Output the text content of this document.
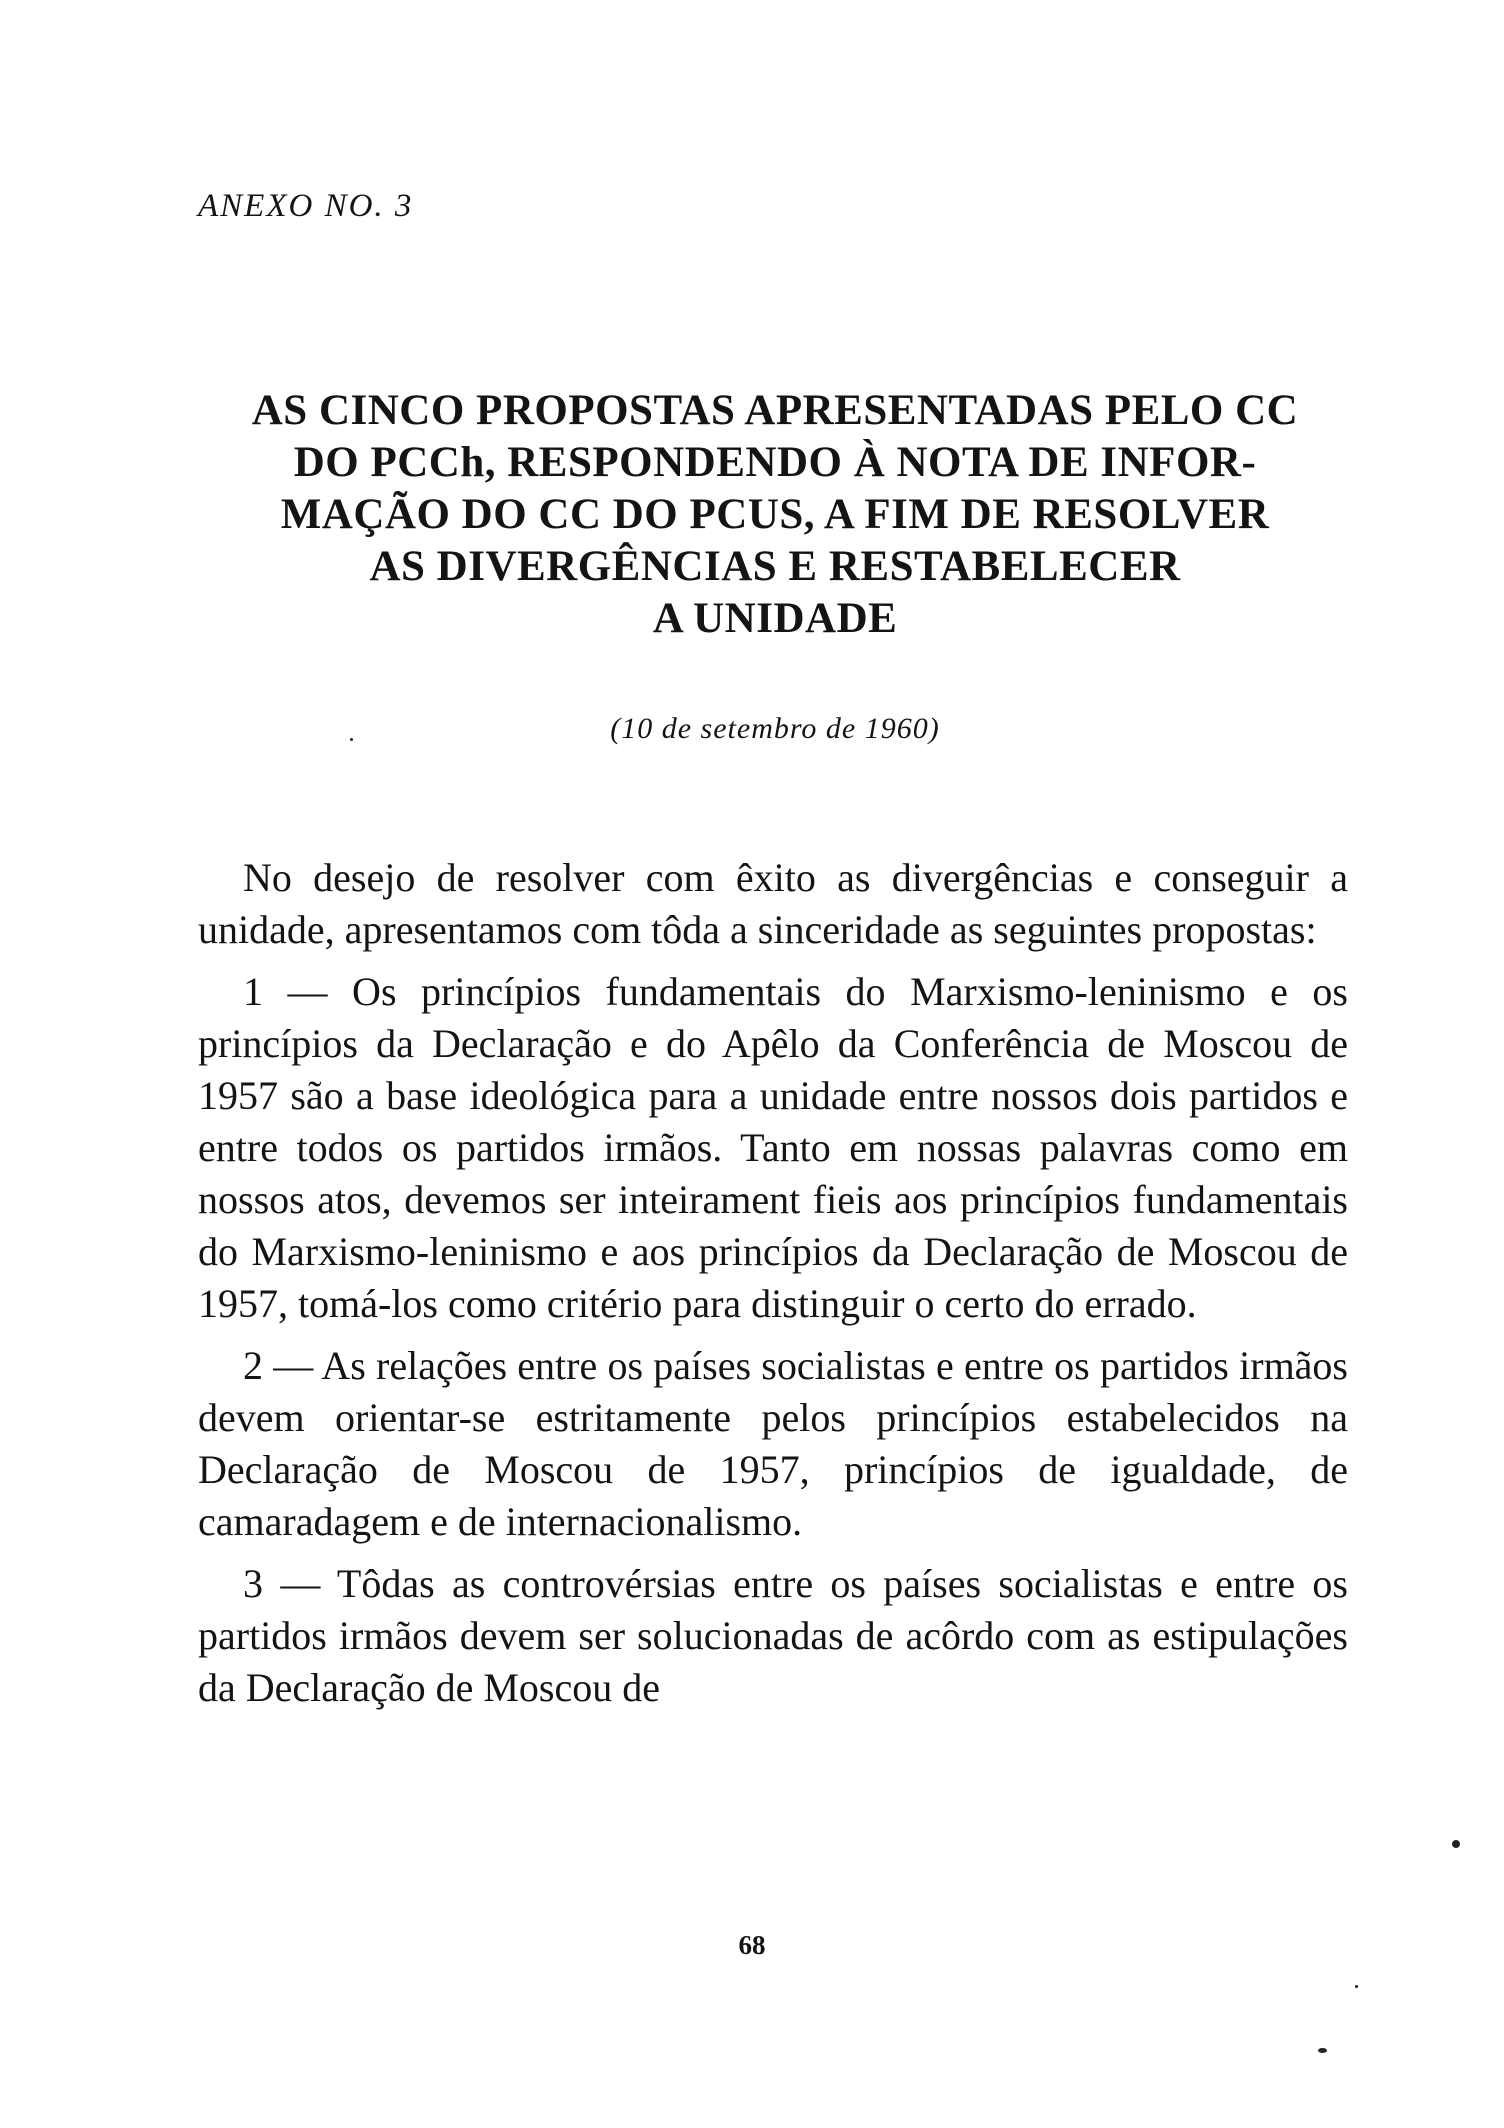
ANEXO NO. 3
AS CINCO PROPOSTAS APRESENTADAS PELO CC
DO PCCh, RESPONDENDO À NOTA DE INFOR-
MAÇÃO DO CC DO PCUS, A FIM DE RESOLVER
AS DIVERGÊNCIAS E RESTABELECER
A UNIDADE
(10 de setembro de 1960)

No desejo de resolver com êxito as divergências e conseguir a unidade, apresentamos com tôda a sinceridade as seguintes propostas:

1 — Os princípios fundamentais do Marxismo-leninismo e os princípios da Declaração e do Apêlo da Conferência de Moscou de 1957 são a base ideológica para a unidade entre nossos dois partidos e entre todos os partidos irmãos. Tanto em nossas palavras como em nossos atos, devemos ser inteirament fieis aos princípios fundamentais do Marxismo-leninismo e aos princípios da Declaração de Moscou de 1957, tomá-los como critério para distinguir o certo do errado.

2 — As relações entre os países socialistas e entre os partidos irmãos devem orientar-se estritamente pelos princípios estabelecidos na Declaração de Moscou de 1957, princípios de igualdade, de camaradagem e de internacionalismo.

3 — Tôdas as controvérsias entre os países socialistas e entre os partidos irmãos devem ser solucionadas de acôrdo com as estipulações da Declaração de Moscou de

68
